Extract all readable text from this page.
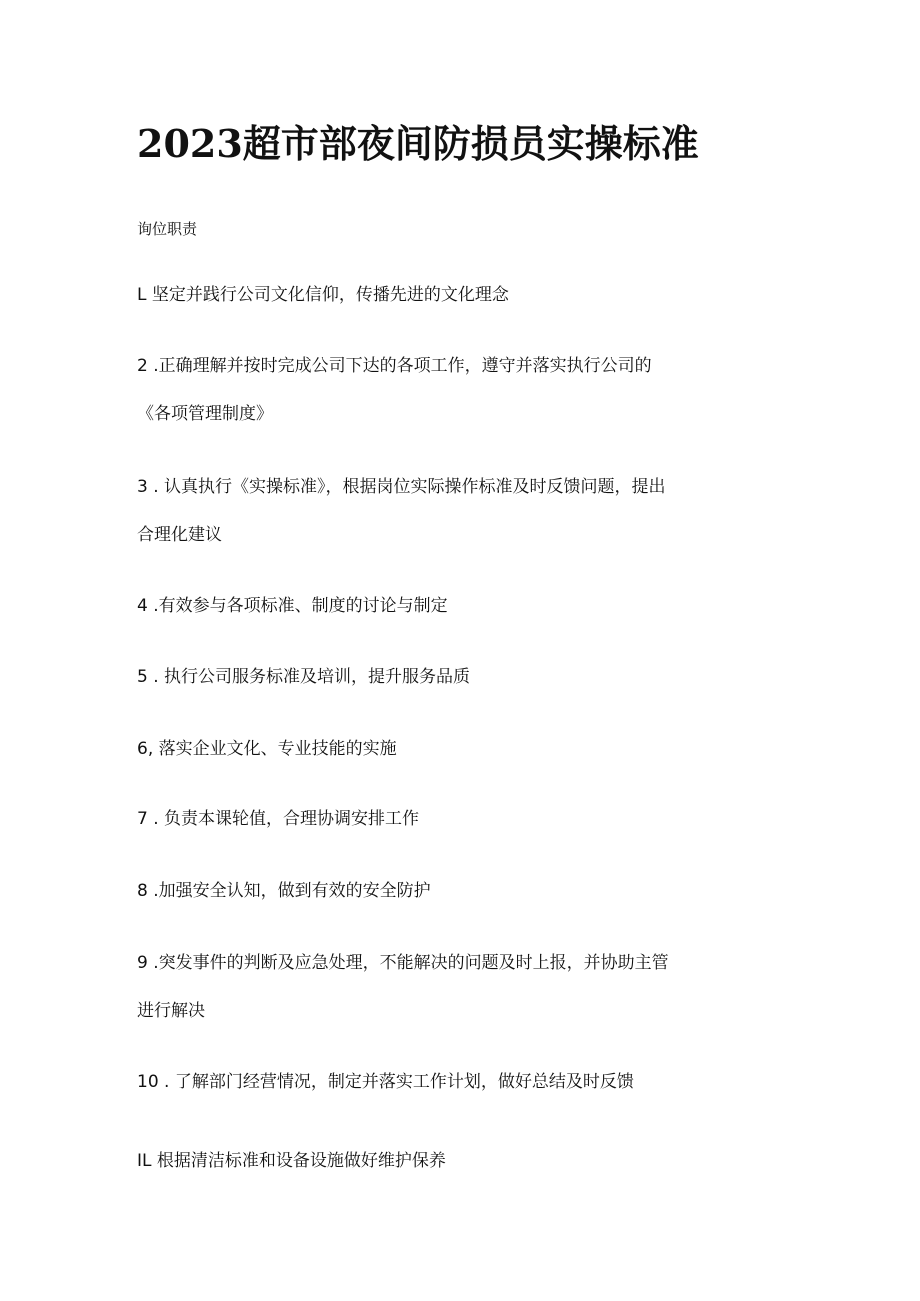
2023超市部夜间防损员实操标准
询位职责
L 坚定并践行公司文化信仰，传播先进的文化理念
2 .正确理解并按时完成公司下达的各项工作，遵守并落实执行公司的
《各项管理制度》
3 . 认真执行《实操标准》，根据岗位实际操作标准及时反馈问题，提出
合理化建议
4 .有效参与各项标准、制度的讨论与制定
5 . 执行公司服务标准及培训，提升服务品质
6, 落实企业文化、专业技能的实施
7 . 负责本课轮值，合理协调安排工作
8 .加强安全认知，做到有效的安全防护
9 .突发事件的判断及应急处理，不能解决的问题及时上报，并协助主管
进行解决
10 . 了解部门经营情况，制定并落实工作计划，做好总结及时反馈
IL 根据清洁标准和设备设施做好维护保养
